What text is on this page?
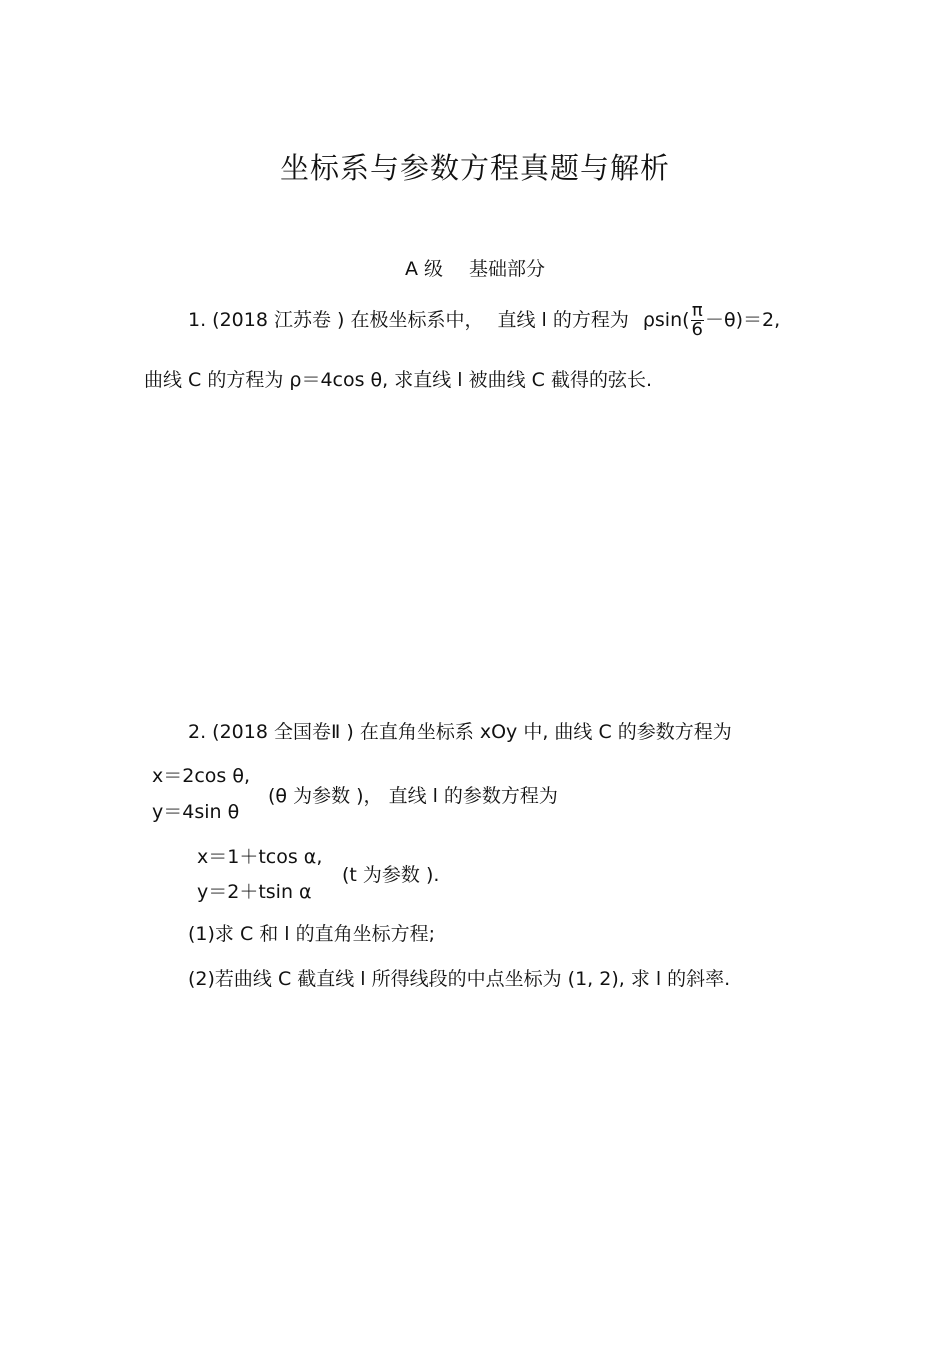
坐标系与参数方程真题与解析
A 级 基础部分
1. (2018 江苏卷 ) 在极坐标系中， 直线 l 的方程为 $\rho\sin( \frac{\pi}{6} -\theta)=2$,
曲线 C 的方程为 ρ＝4cos θ, 求直线 l 被曲线 C 截得的弦长.
2. (2018 全国卷Ⅱ ) 在直角坐标系 xOy 中, 曲线 C 的参数方程为
x＝2cos θ,
y＝4sin θ
(θ 为参数 )， 直线 l 的参数方程为
x＝1＋tcos α,
y＝2＋tsin α
(t 为参数 ).
(1)求 C 和 l 的直角坐标方程;
(2)若曲线 C 截直线 l 所得线段的中点坐标为 (1, 2), 求 l 的斜率.
